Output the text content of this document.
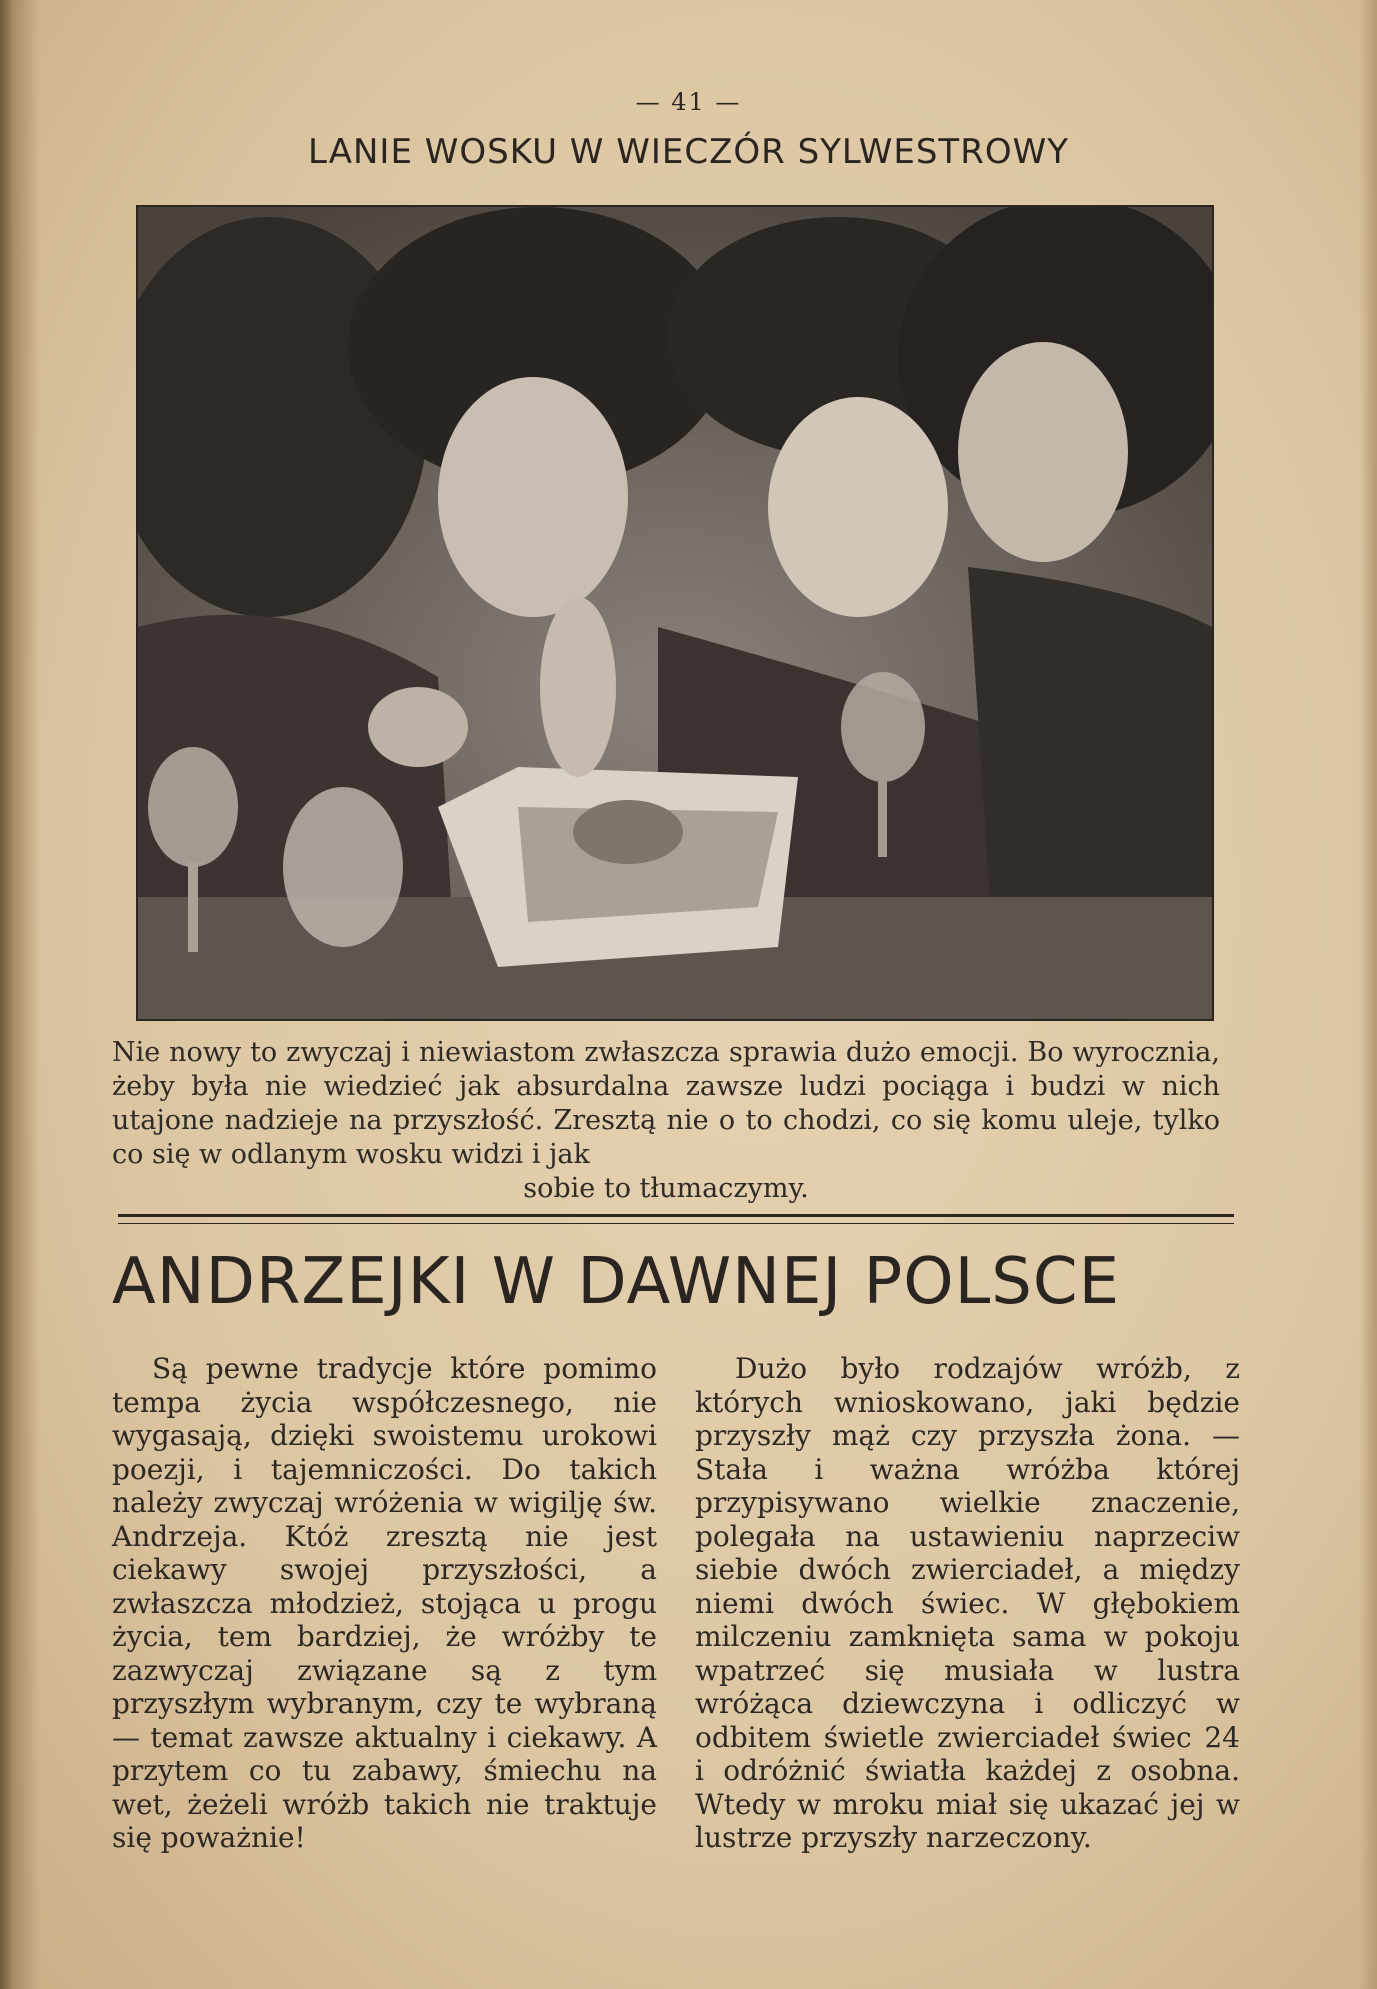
— 41 —
LANIE WOSKU W WIECZÓR SYLWESTROWY
Nie nowy to zwyczaj i niewiastom zwłaszcza sprawia dużo emocji. Bo wyrocznia, żeby była nie wiedzieć jak absurdalna zawsze ludzi pociąga i budzi w nich utajone nadzieje na przyszłość. Zresztą nie o to chodzi, co się komu uleje, tylko co się w odlanym wosku widzi i jak
sobie to tłumaczymy.
ANDRZEJKI W DAWNEJ POLSCE

Są pewne tradycje które pomimo tempa życia współczesnego, nie wygasają, dzięki swoistemu urokowi poezji, i tajemniczości. Do takich należy zwyczaj wróżenia w wigilję św. Andrzeja. Któż zresztą nie jest ciekawy swojej przyszłości, a zwłaszcza młodzież, stojąca u progu życia, tem bardziej, że wróżby te zazwyczaj związane są z tym przyszłym wybranym, czy te wybraną — temat zawsze aktualny i ciekawy. A przytem co tu zabawy, śmiechu na wet, żeżeli wróżb takich nie traktuje się poważnie!

Dużo było rodzajów wróżb, z których wnioskowano, jaki będzie przyszły mąż czy przyszła żona. — Stała i ważna wróżba której przypisywano wielkie znaczenie, polegała na ustawieniu naprzeciw siebie dwóch zwierciadeł, a między niemi dwóch świec. W głębokiem milczeniu zamknięta sama w pokoju wpatrzeć się musiała w lustra wróżąca dziewczyna i odliczyć w odbitem świetle zwierciadeł świec 24 i odróżnić światła każdej z osobna. Wtedy w mroku miał się ukazać jej w lustrze przyszły narzeczony.
